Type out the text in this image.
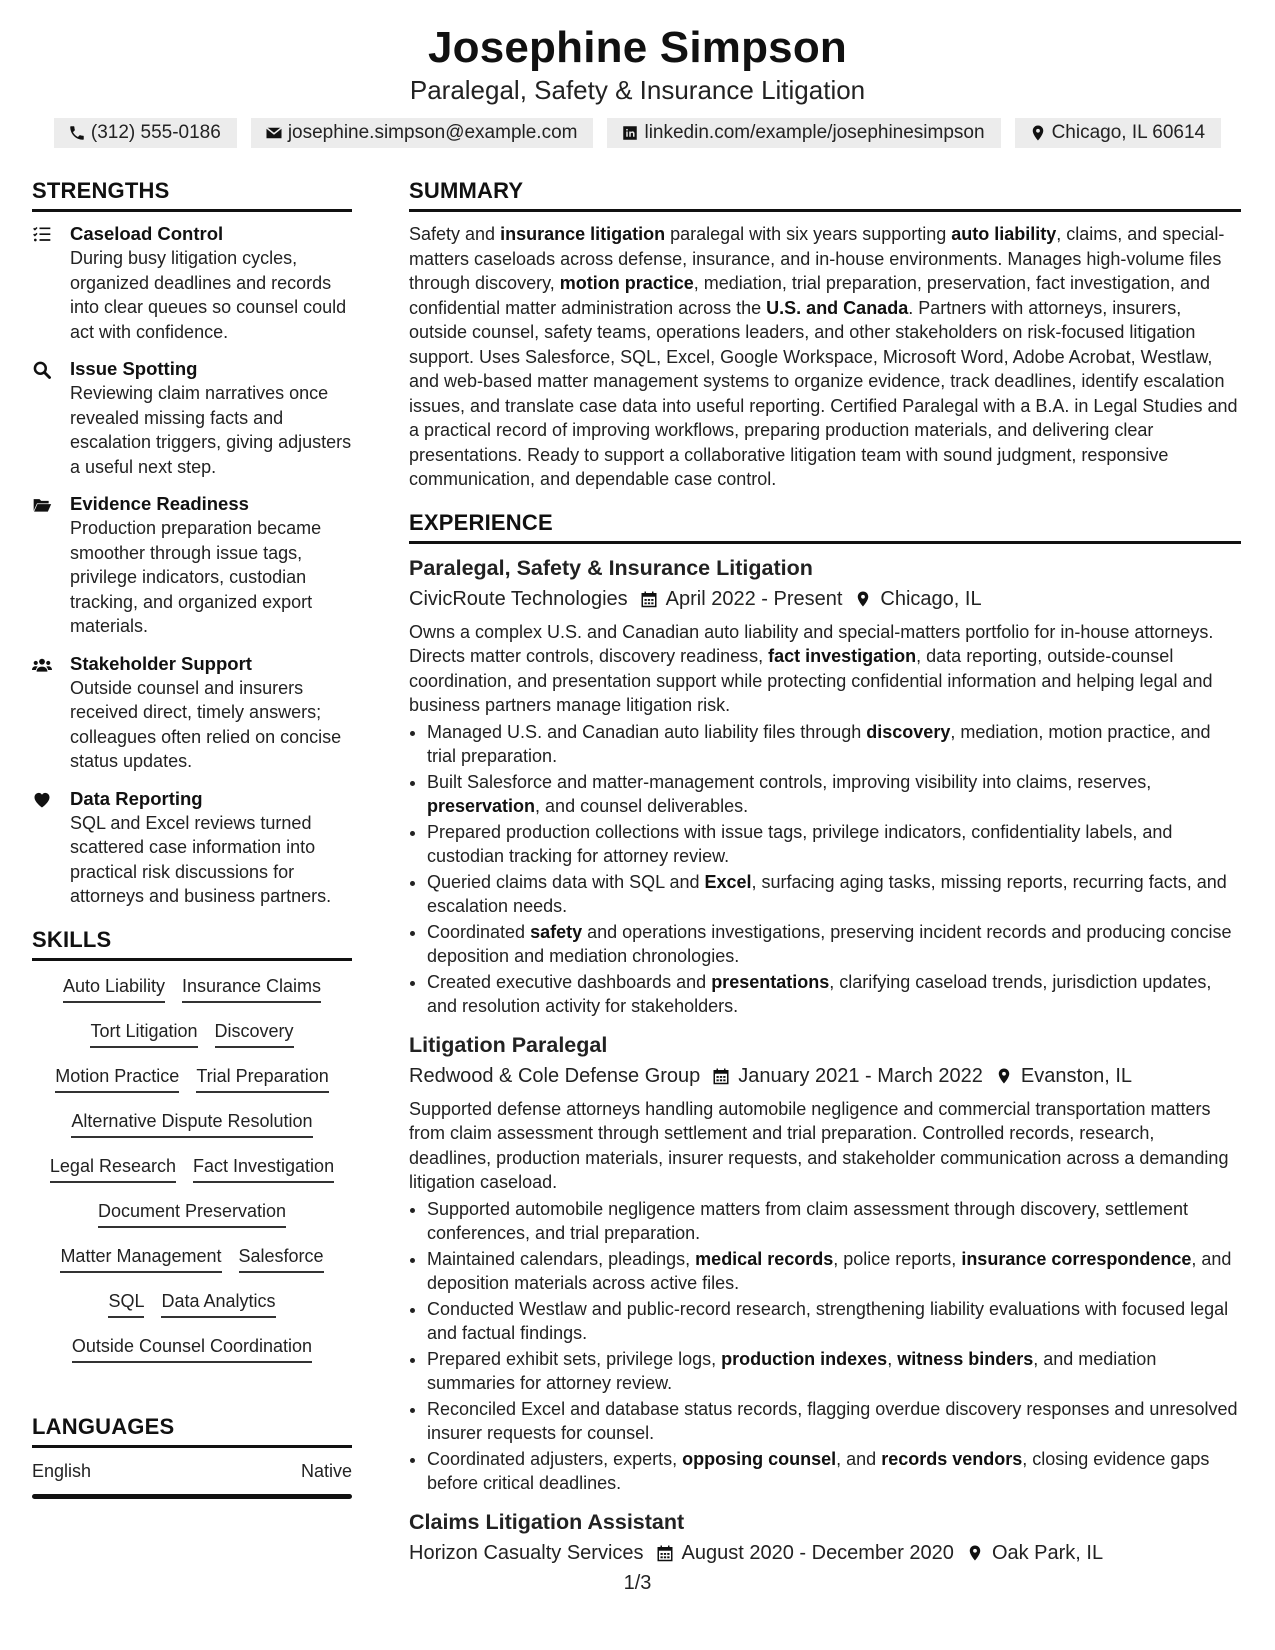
Josephine Simpson
Paralegal, Safety & Insurance Litigation
(312) 555-0186	josephine.simpson@example.com	linkedin.com/example/josephinesimpson	Chicago, IL 60614
STRENGTHS
Caseload Control
During busy litigation cycles, organized deadlines and records into clear queues so counsel could act with confidence.
Issue Spotting
Reviewing claim narratives once revealed missing facts and escalation triggers, giving adjusters a useful next step.
Evidence Readiness
Production preparation became smoother through issue tags, privilege indicators, custodian tracking, and organized export materials.
Stakeholder Support
Outside counsel and insurers received direct, timely answers; colleagues often relied on concise status updates.
Data Reporting
SQL and Excel reviews turned scattered case information into practical risk discussions for attorneys and business partners.
SKILLS
Auto Liability Insurance Claims
Tort Litigation Discovery
Motion Practice Trial Preparation
Alternative Dispute Resolution
Legal Research Fact Investigation
Document Preservation
Matter Management Salesforce
SQL Data Analytics
Outside Counsel Coordination
LANGUAGES
English	Native
SUMMARY
Safety and insurance litigation paralegal with six years supporting auto liability, claims, and special-matters caseloads across defense, insurance, and in-house environments. Manages high-volume files through discovery, motion practice, mediation, trial preparation, preservation, fact investigation, and confidential matter administration across the U.S. and Canada. Partners with attorneys, insurers, outside counsel, safety teams, operations leaders, and other stakeholders on risk-focused litigation support. Uses Salesforce, SQL, Excel, Google Workspace, Microsoft Word, Adobe Acrobat, Westlaw, and web-based matter management systems to organize evidence, track deadlines, identify escalation issues, and translate case data into useful reporting. Certified Paralegal with a B.A. in Legal Studies and a practical record of improving workflows, preparing production materials, and delivering clear presentations. Ready to support a collaborative litigation team with sound judgment, responsive communication, and dependable case control.
EXPERIENCE
Paralegal, Safety & Insurance Litigation
CivicRoute Technologies April 2022 - Present Chicago, IL
Owns a complex U.S. and Canadian auto liability and special-matters portfolio for in-house attorneys. Directs matter controls, discovery readiness, fact investigation, data reporting, outside-counsel coordination, and presentation support while protecting confidential information and helping legal and business partners manage litigation risk.
• Managed U.S. and Canadian auto liability files through discovery, mediation, motion practice, and trial preparation.
• Built Salesforce and matter-management controls, improving visibility into claims, reserves, preservation, and counsel deliverables.
• Prepared production collections with issue tags, privilege indicators, confidentiality labels, and custodian tracking for attorney review.
• Queried claims data with SQL and Excel, surfacing aging tasks, missing reports, recurring facts, and escalation needs.
• Coordinated safety and operations investigations, preserving incident records and producing concise deposition and mediation chronologies.
• Created executive dashboards and presentations, clarifying caseload trends, jurisdiction updates, and resolution activity for stakeholders.
Litigation Paralegal
Redwood & Cole Defense Group January 2021 - March 2022 Evanston, IL
Supported defense attorneys handling automobile negligence and commercial transportation matters from claim assessment through settlement and trial preparation. Controlled records, research, deadlines, production materials, insurer requests, and stakeholder communication across a demanding litigation caseload.
• Supported automobile negligence matters from claim assessment through discovery, settlement conferences, and trial preparation.
• Maintained calendars, pleadings, medical records, police reports, insurance correspondence, and deposition materials across active files.
• Conducted Westlaw and public-record research, strengthening liability evaluations with focused legal and factual findings.
• Prepared exhibit sets, privilege logs, production indexes, witness binders, and mediation summaries for attorney review.
• Reconciled Excel and database status records, flagging overdue discovery responses and unresolved insurer requests for counsel.
• Coordinated adjusters, experts, opposing counsel, and records vendors, closing evidence gaps before critical deadlines.
Claims Litigation Assistant
Horizon Casualty Services August 2020 - December 2020 Oak Park, IL
1/3
